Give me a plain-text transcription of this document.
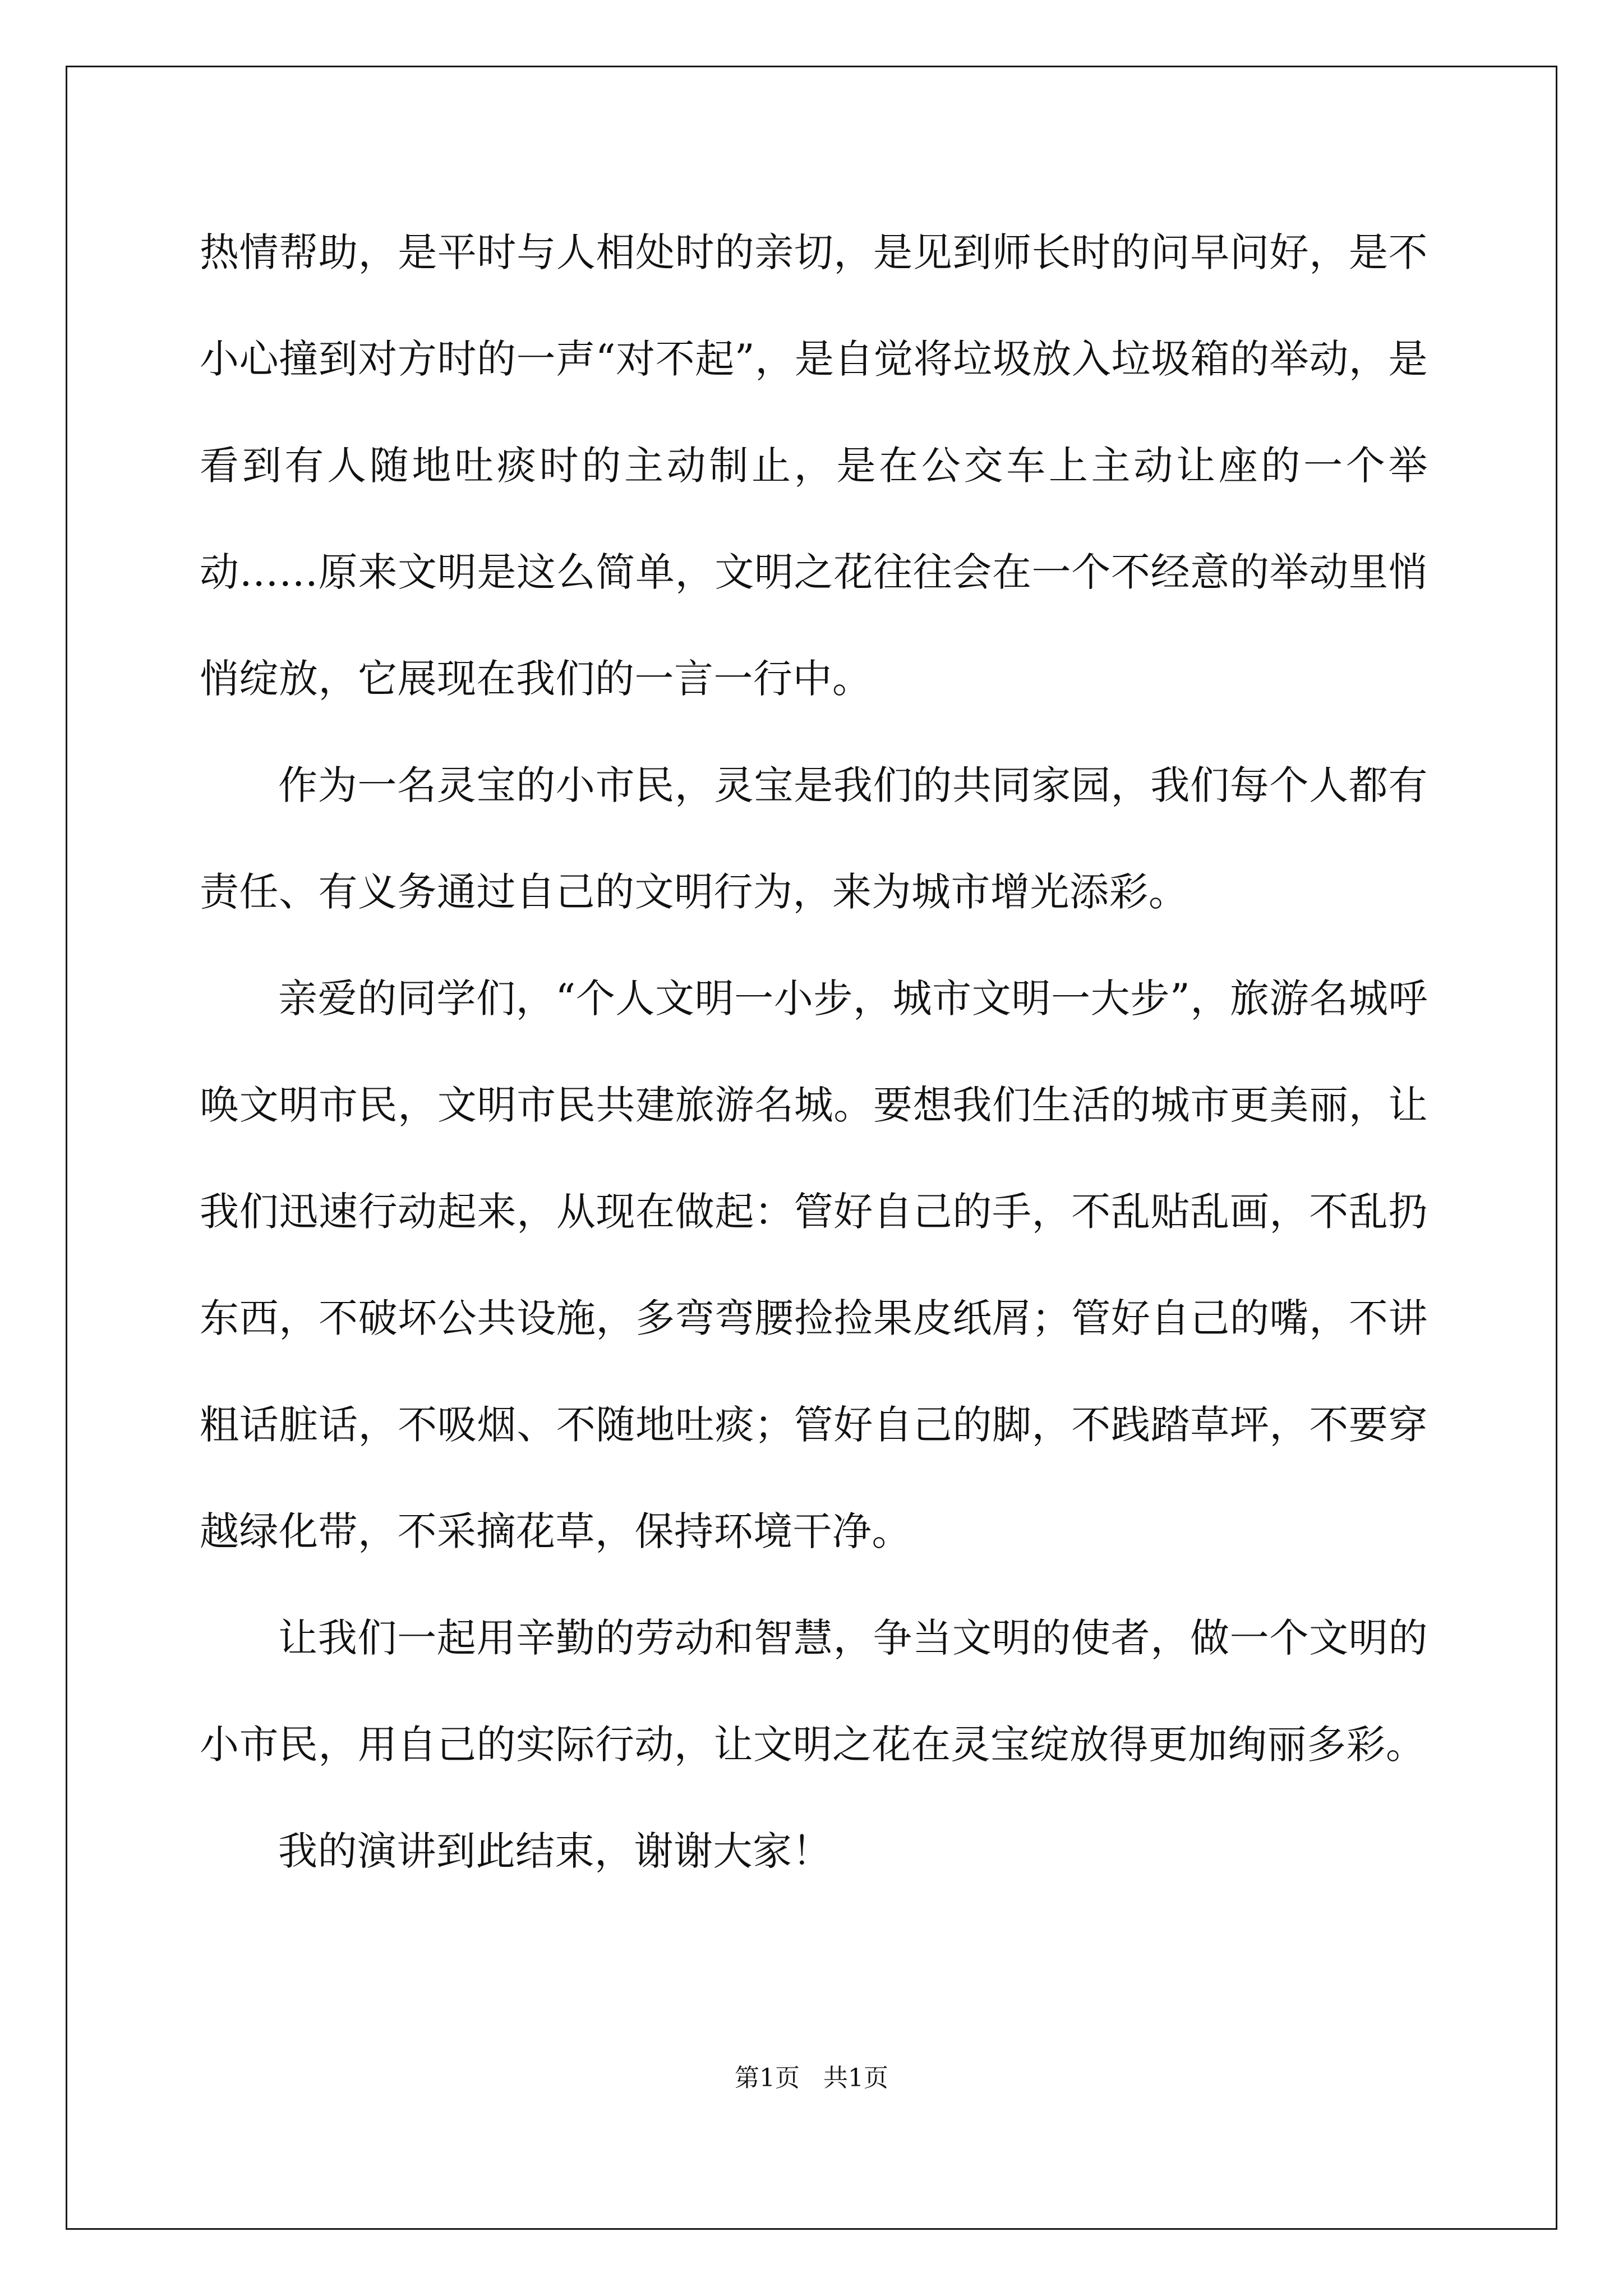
热情帮助，是平时与人相处时的亲切，是见到师长时的问早问好，是不小心撞到对方时的一声“对不起”，是自觉将垃圾放入垃圾箱的举动，是看到有人随地吐痰时的主动制止，是在公交车上主动让座的一个举动……原来文明是这么简单，文明之花往往会在一个不经意的举动里悄悄绽放，它展现在我们的一言一行中。

作为一名灵宝的小市民，灵宝是我们的共同家园，我们每个人都有责任、有义务通过自己的文明行为，来为城市增光添彩。

亲爱的同学们，“个人文明一小步，城市文明一大步”，旅游名城呼唤文明市民，文明市民共建旅游名城。要想我们生活的城市更美丽，让我们迅速行动起来，从现在做起：管好自己的手，不乱贴乱画，不乱扔东西，不破坏公共设施，多弯弯腰捡捡果皮纸屑；管好自己的嘴，不讲粗话脏话，不吸烟、不随地吐痰；管好自己的脚，不践踏草坪，不要穿越绿化带，不采摘花草，保持环境干净。

让我们一起用辛勤的劳动和智慧，争当文明的使者，做一个文明的小市民，用自己的实际行动，让文明之花在灵宝绽放得更加绚丽多彩。

我的演讲到此结束，谢谢大家！

第1页   共1页
